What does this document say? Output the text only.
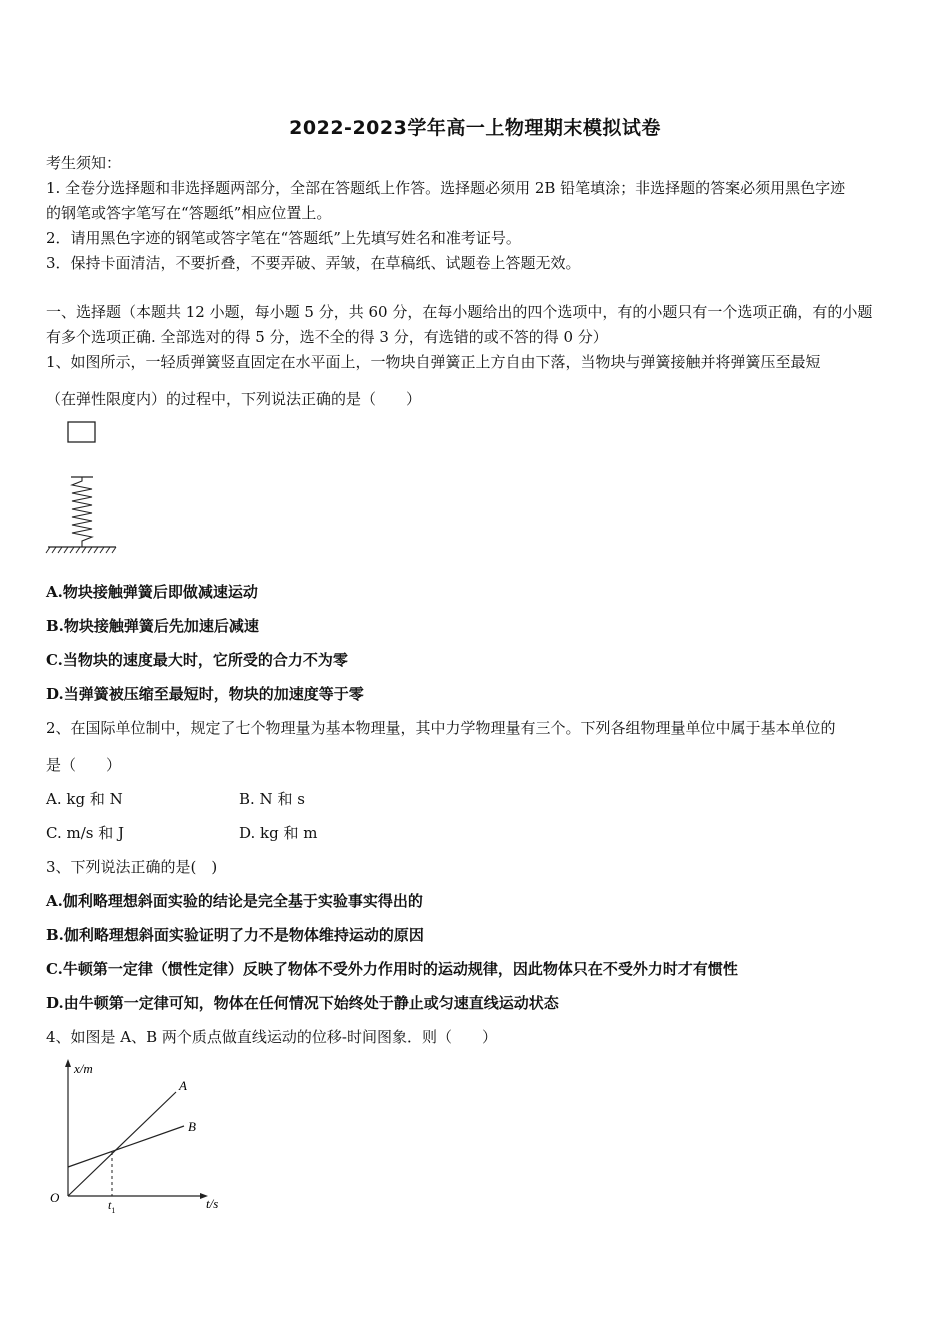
2022-2023学年高一上物理期末模拟试卷
考生须知：
1. 全卷分选择题和非选择题两部分，全部在答题纸上作答。选择题必须用 2B 铅笔填涂；非选择题的答案必须用黑色字迹
的钢笔或答字笔写在“答题纸”相应位置上。
2．请用黑色字迹的钢笔或答字笔在“答题纸”上先填写姓名和准考证号。
3．保持卡面清洁，不要折叠，不要弄破、弄皱，在草稿纸、试题卷上答题无效。
一、选择题（本题共 12 小题，每小题 5 分，共 60 分，在每小题给出的四个选项中，有的小题只有一个选项正确，有的小题
有多个选项正确. 全部选对的得 5 分，选不全的得 3 分，有选错的或不答的得 0 分）
1、如图所示，一轻质弹簧竖直固定在水平面上，一物块自弹簧正上方自由下落，当物块与弹簧接触并将弹簧压至最短
（在弹性限度内）的过程中，下列说法正确的是（　　）
A.物块接触弹簧后即做减速运动
B.物块接触弹簧后先加速后减速
C.当物块的速度最大时，它所受的合力不为零
D.当弹簧被压缩至最短时，物块的加速度等于零
2、在国际单位制中，规定了七个物理量为基本物理量，其中力学物理量有三个。下列各组物理量单位中属于基本单位的
是（　　）
A. kg 和 N	B. N 和 s
C. m/s 和 J	D. kg 和 m
3、下列说法正确的是(　)
A.伽利略理想斜面实验的结论是完全基于实验事实得出的
B.伽利略理想斜面实验证明了力不是物体维持运动的原因
C.牛顿第一定律（惯性定律）反映了物体不受外力作用时的运动规律，因此物体只在不受外力时才有惯性
D.由牛顿第一定律可知，物体在任何情况下始终处于静止或匀速直线运动状态
4、如图是 A、B 两个质点做直线运动的位移-时间图象．则（　　）
x/m
t/s
O
A
B
$t_1$
